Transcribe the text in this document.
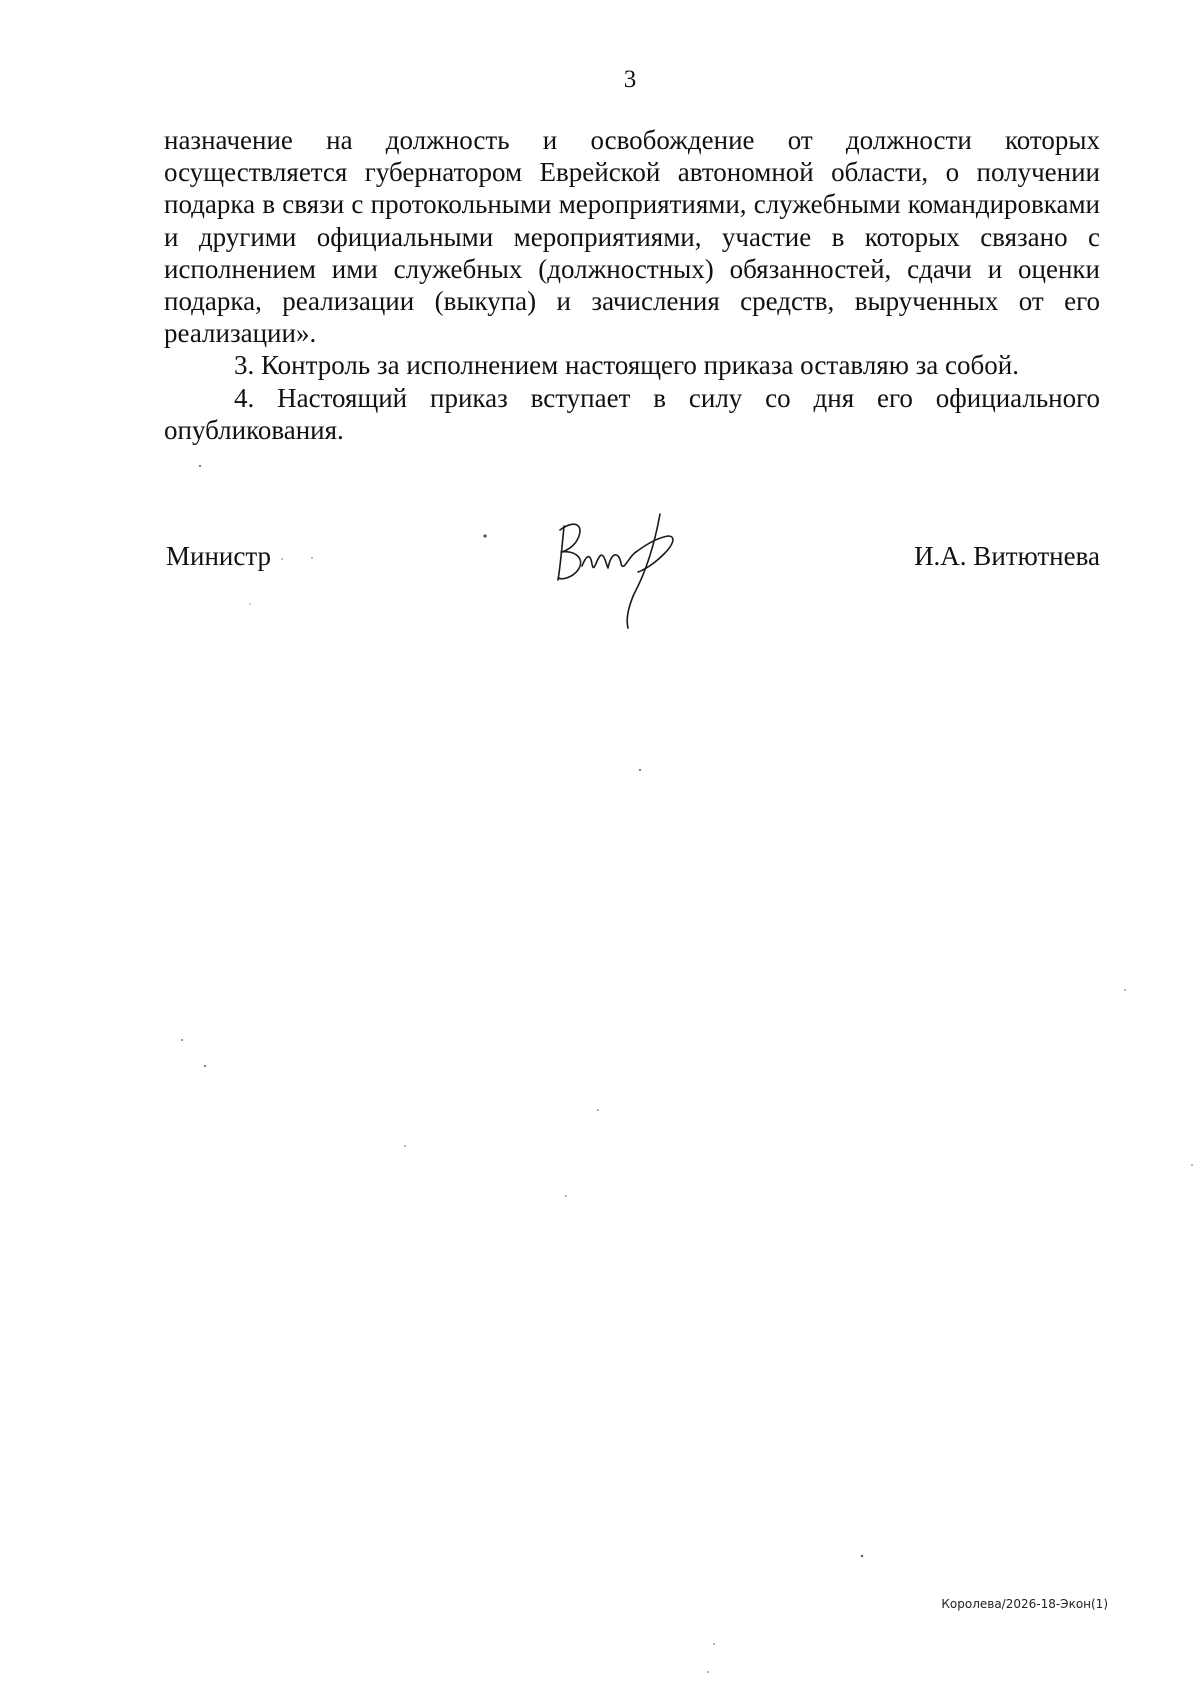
3

назначение на должность и освобождение от должности которых осуществляется губернатором Еврейской автономной области, о получении подарка в связи с протокольными мероприятиями, служебными командировками и другими официальными мероприятиями, участие в которых связано с исполнением ими служебных (должностных) обязанностей, сдачи и оценки подарка, реализации (выкупа) и зачисления средств, вырученных от его реализации».

3. Контроль за исполнением настоящего приказа оставляю за собой.

4. Настоящий приказ вступает в силу со дня его официального опубликования.

Министр	И.А. Витютнева
Королева/2026-18-Экон(1)
